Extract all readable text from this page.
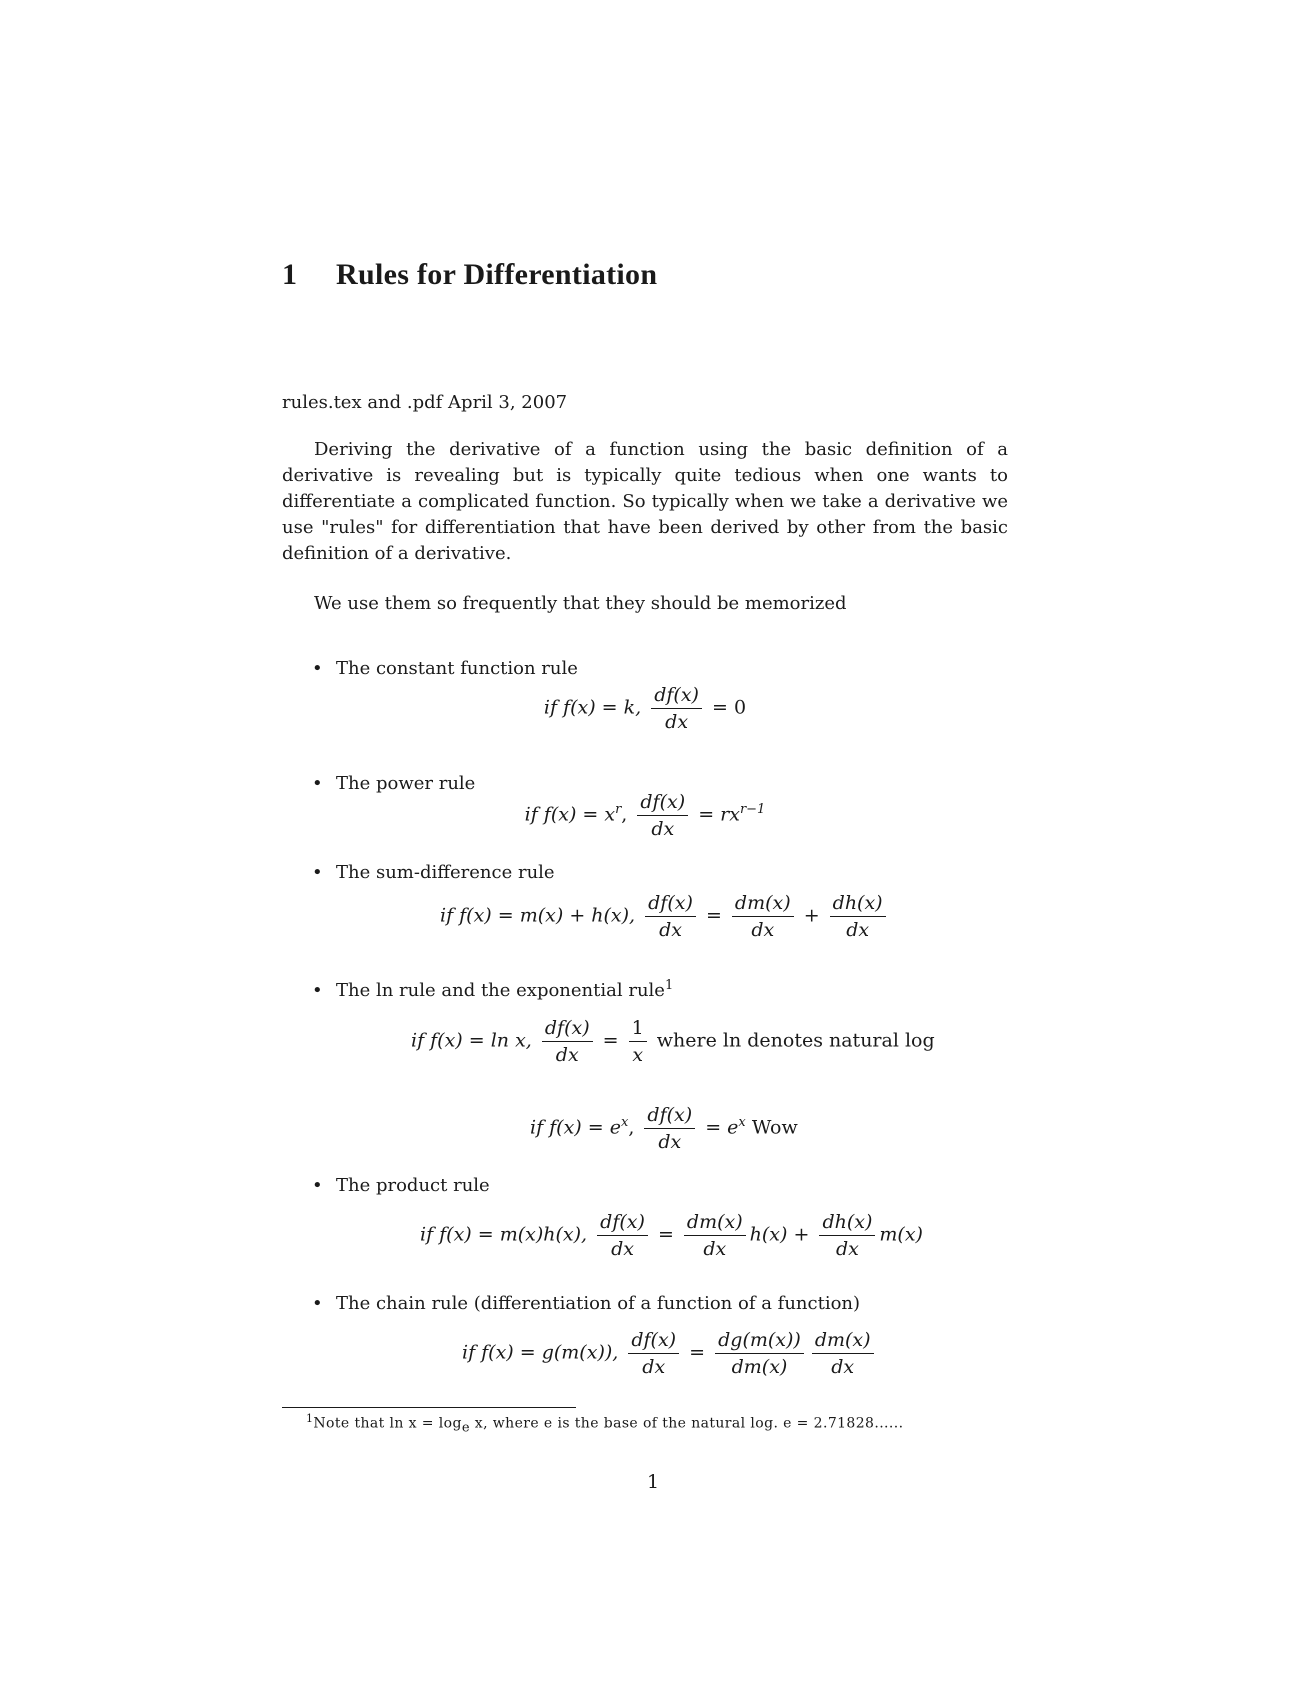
1 Rules for Differentiation
rules.tex and .pdf April 3, 2007

Deriving the derivative of a function using the basic definition of a derivative is revealing but is typically quite tedious when one wants to differentiate a complicated function. So typically when we take a derivative we use "rules" for differentiation that have been derived by other from the basic definition of a derivative.

We use them so frequently that they should be memorized

• The constant function rule
if f(x) = k, $\frac{df(x)}{dx} = 0$
• The power rule
if $f(x) = x^r$, $\frac{df(x)}{dx} = rx^{r-1}$
• The sum-difference rule
if f(x) = m(x) + h(x), $\frac{df(x)}{dx} = \frac{dm(x)}{dx} + \frac{dh(x)}{dx}$
• The ln rule and the exponential rule$^1$
if f(x) = ln x, $\frac{df(x)}{dx} = \frac{1}{x}$ where ln denotes natural log
if $f(x) = e^x$, $\frac{df(x)}{dx} = e^x$ Wow
• The product rule
if f(x) = m(x)h(x), $\frac{df(x)}{dx} = \frac{dm(x)}{dx} h(x) + \frac{dh(x)}{dx} m(x)$
• The chain rule (differentiation of a function of a function)
if f(x) = g(m(x)), $\frac{df(x)}{dx} = \frac{dg(m(x))}{dm(x)} \frac{dm(x)}{dx}$
$^1$Note that $\ln x = \log_e x$, where e is the base of the natural log. e = 2.71828......
1
